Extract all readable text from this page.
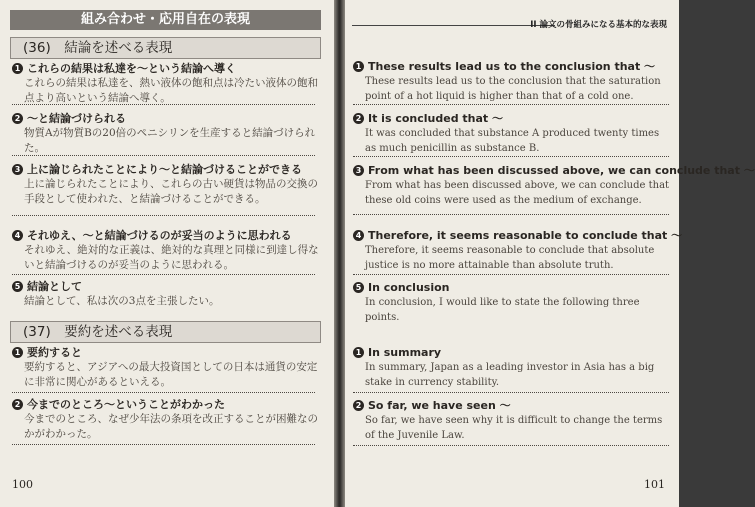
組み合わせ・応用自在の表現
(36)　結論を述べる表現
1 これらの結果は私達を〜という結論へ導く
これらの結果は私達を、熱い液体の飽和点は冷たい液体の飽和点より高いという結論へ導く。
2 〜と結論づけられる
物質Aが物質Bの20倍のペニシリンを生産すると結論づけられた。
3 上に論じられたことにより〜と結論づけることができる
上に論じられたことにより、これらの古い硬貨は物品の交換の手段として使われた、と結論づけることができる。
4 それゆえ、〜と結論づけるのが妥当のように思われる
それゆえ、絶対的な正義は、絶対的な真理と同様に到達し得ないと結論づけるのが妥当のように思われる。
5 結論として
結論として、私は次の3点を主張したい。
(37)　要約を述べる表現
1 要約すると
要約すると、アジアへの最大投資国としての日本は通貨の安定に非常に関心があるといえる。
2 今までのところ〜ということがわかった
今までのところ、なぜ少年法の条項を改正することが困難なのかがわかった。
100
II 論文の骨組みになる基本的な表現
1 These results lead us to the conclusion that 〜
These results lead us to the conclusion that the saturation point of a hot liquid is higher than that of a cold one.
2 It is concluded that 〜
It was concluded that substance A produced twenty times as much penicillin as substance B.
3 From what has been discussed above, we can conclude that 〜
From what has been discussed above, we can conclude that these old coins were used as the medium of exchange.
4 Therefore, it seems reasonable to conclude that 〜
Therefore, it seems reasonable to conclude that absolute justice is no more attainable than absolute truth.
5 In conclusion
In conclusion, I would like to state the following three points.
1 In summary
In summary, Japan as a leading investor in Asia has a big stake in currency stability.
2 So far, we have seen 〜
So far, we have seen why it is difficult to change the terms of the Juvenile Law.
101
